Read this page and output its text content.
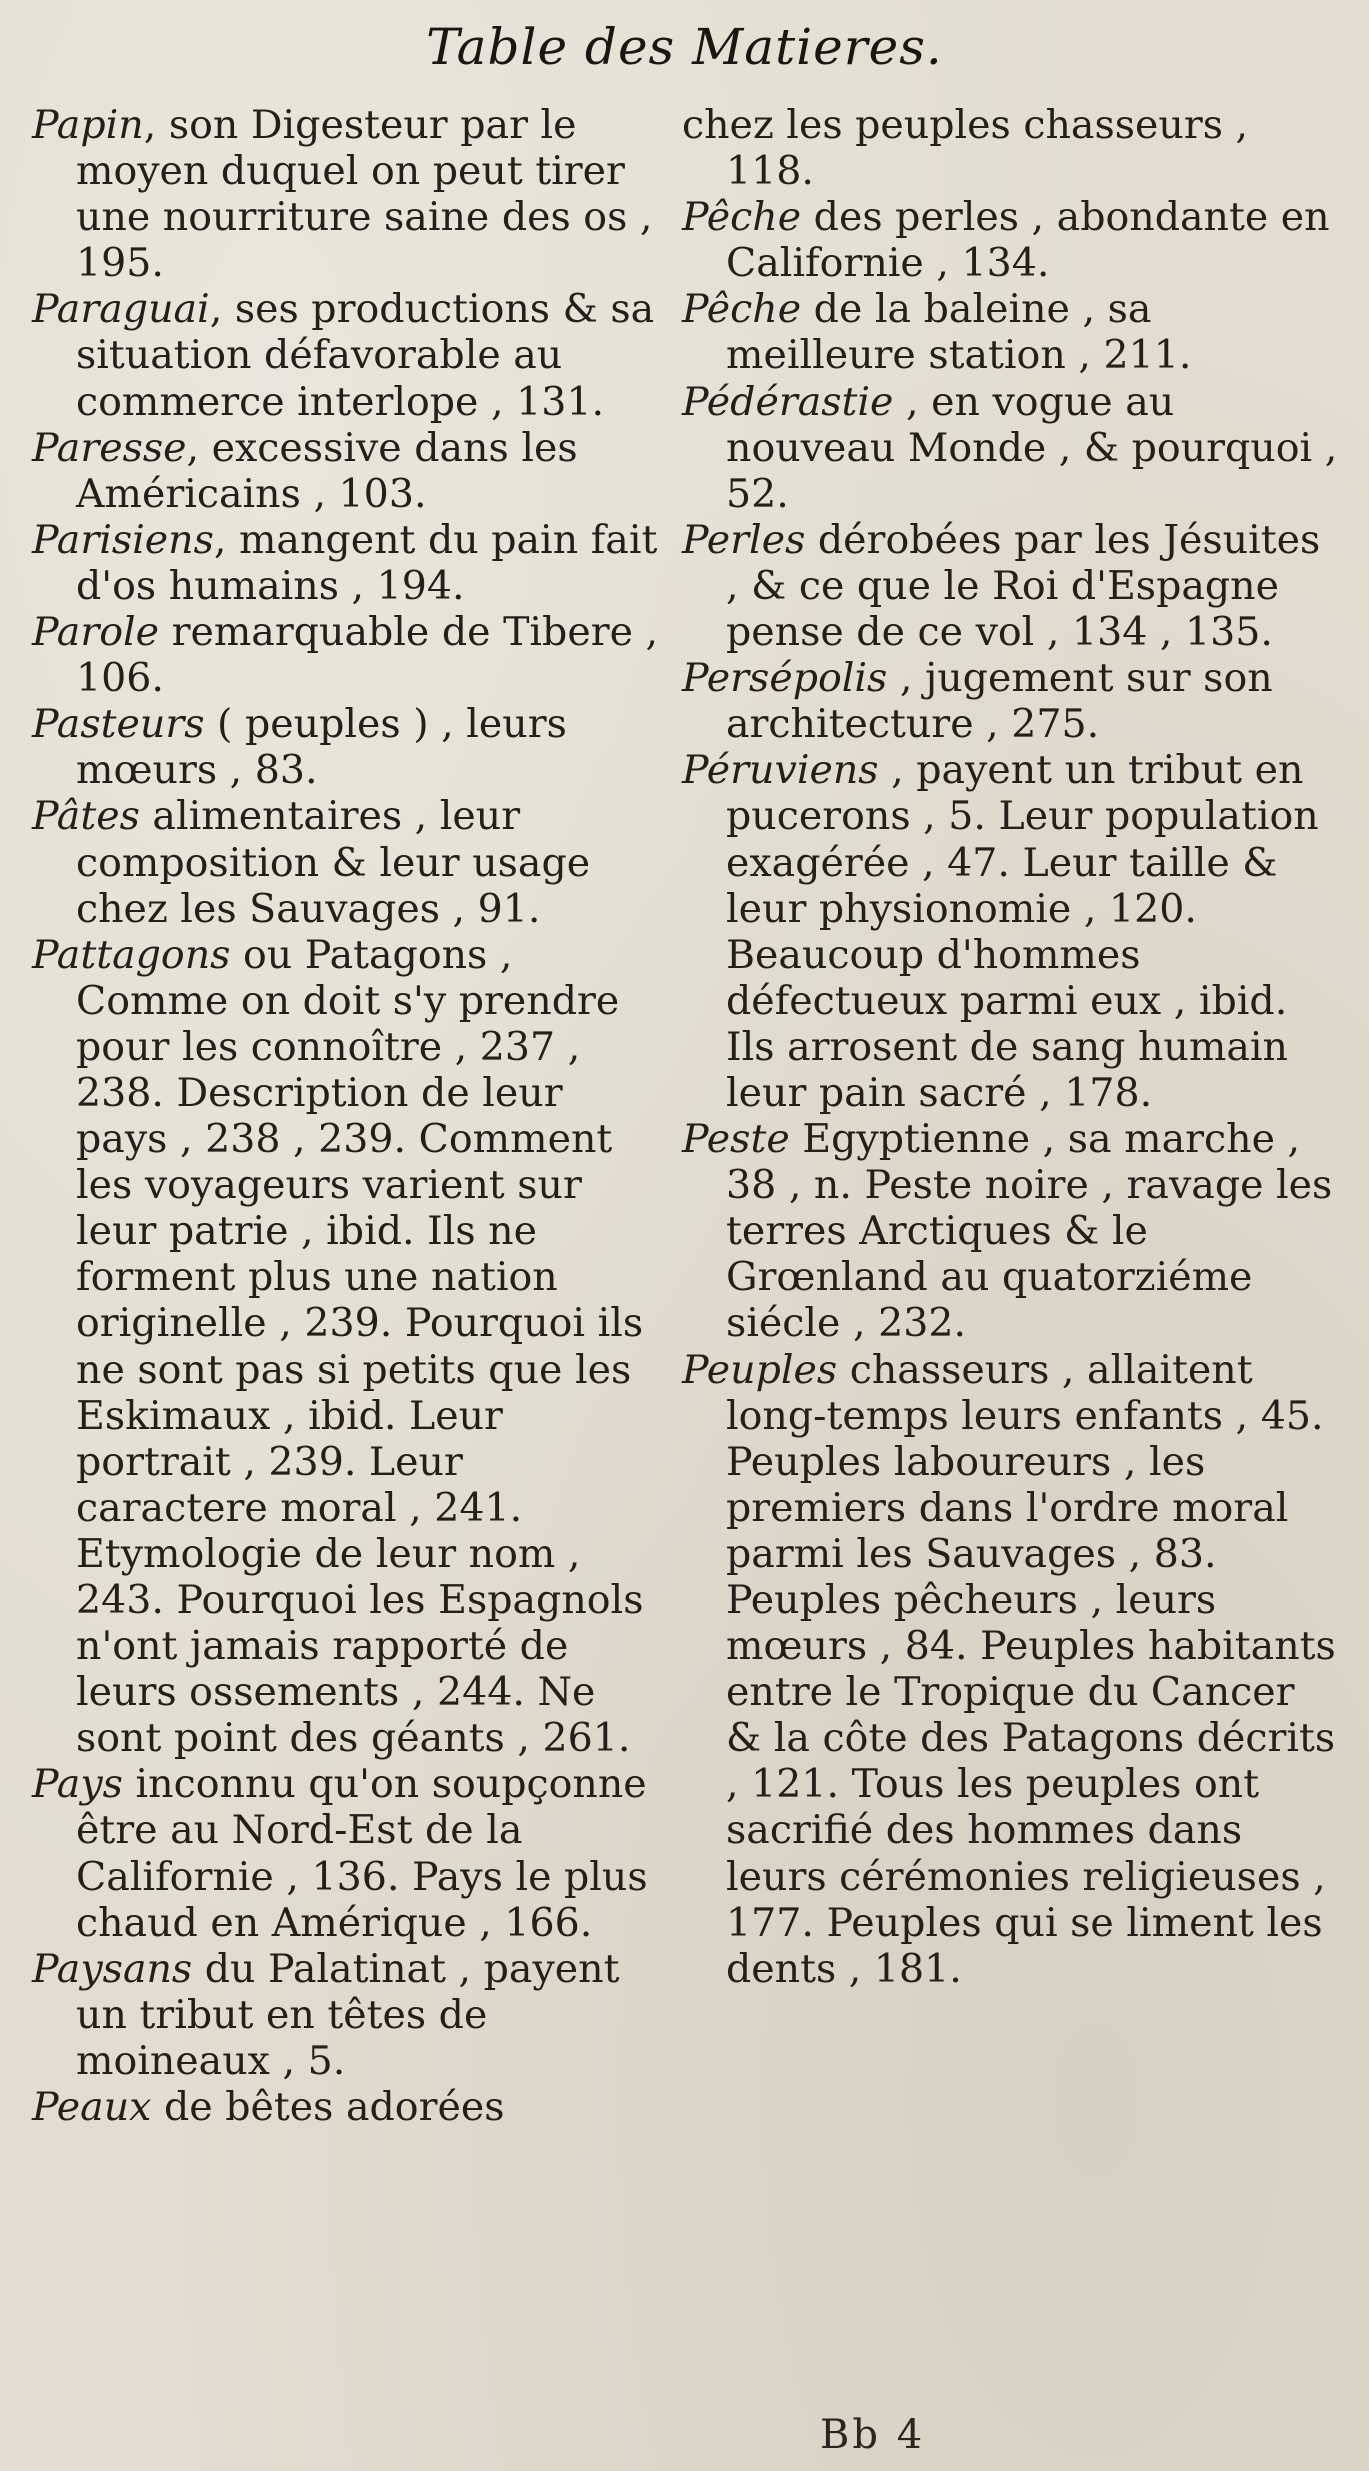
Table des Matieres.

Papin, son Digesteur par le moyen duquel on peut tirer une nourriture saine des os , 195.

Paraguai, ses productions & sa situation défavorable au commerce interlope , 131.

Paresse, excessive dans les Américains , 103.

Parisiens, mangent du pain fait d'os humains , 194.

Parole remarquable de Tibere , 106.

Pasteurs ( peuples ) , leurs mœurs , 83.

Pâtes alimentaires , leur composition & leur usage chez les Sauvages , 91.

Pattagons ou Patagons , Comme on doit s'y prendre pour les connoître , 237 , 238. Description de leur pays , 238 , 239. Comment les voyageurs varient sur leur patrie , ibid. Ils ne forment plus une nation originelle , 239. Pourquoi ils ne sont pas si petits que les Eskimaux , ibid. Leur portrait , 239. Leur caractere moral , 241. Etymologie de leur nom , 243. Pourquoi les Espagnols n'ont jamais rapporté de leurs ossements , 244. Ne sont point des géants , 261.

Pays inconnu qu'on soupçonne être au Nord-Est de la Californie , 136. Pays le plus chaud en Amérique , 166.

Paysans du Palatinat , payent un tribut en têtes de moineaux , 5.

Peaux de bêtes adorées

chez les peuples chasseurs , 118.

Pêche des perles , abondante en Californie , 134.

Pêche de la baleine , sa meilleure station , 211.

Pédérastie , en vogue au nouveau Monde , & pourquoi , 52.

Perles dérobées par les Jésuites , & ce que le Roi d'Espagne pense de ce vol , 134 , 135.

Persépolis , jugement sur son architecture , 275.

Péruviens , payent un tribut en pucerons , 5. Leur population exagérée , 47. Leur taille & leur physionomie , 120. Beaucoup d'hommes défectueux parmi eux , ibid. Ils arrosent de sang humain leur pain sacré , 178.

Peste Egyptienne , sa marche , 38 , n. Peste noire , ravage les terres Arctiques & le Grœnland au quatorziéme siécle , 232.

Peuples chasseurs , allaitent long-temps leurs enfants , 45. Peuples laboureurs , les premiers dans l'ordre moral parmi les Sauvages , 83. Peuples pêcheurs , leurs mœurs , 84. Peuples habitants entre le Tropique du Cancer & la côte des Patagons décrits , 121. Tous les peuples ont sacrifié des hommes dans leurs cérémonies religieuses , 177. Peuples qui se liment les dents , 181.

Bb 4
